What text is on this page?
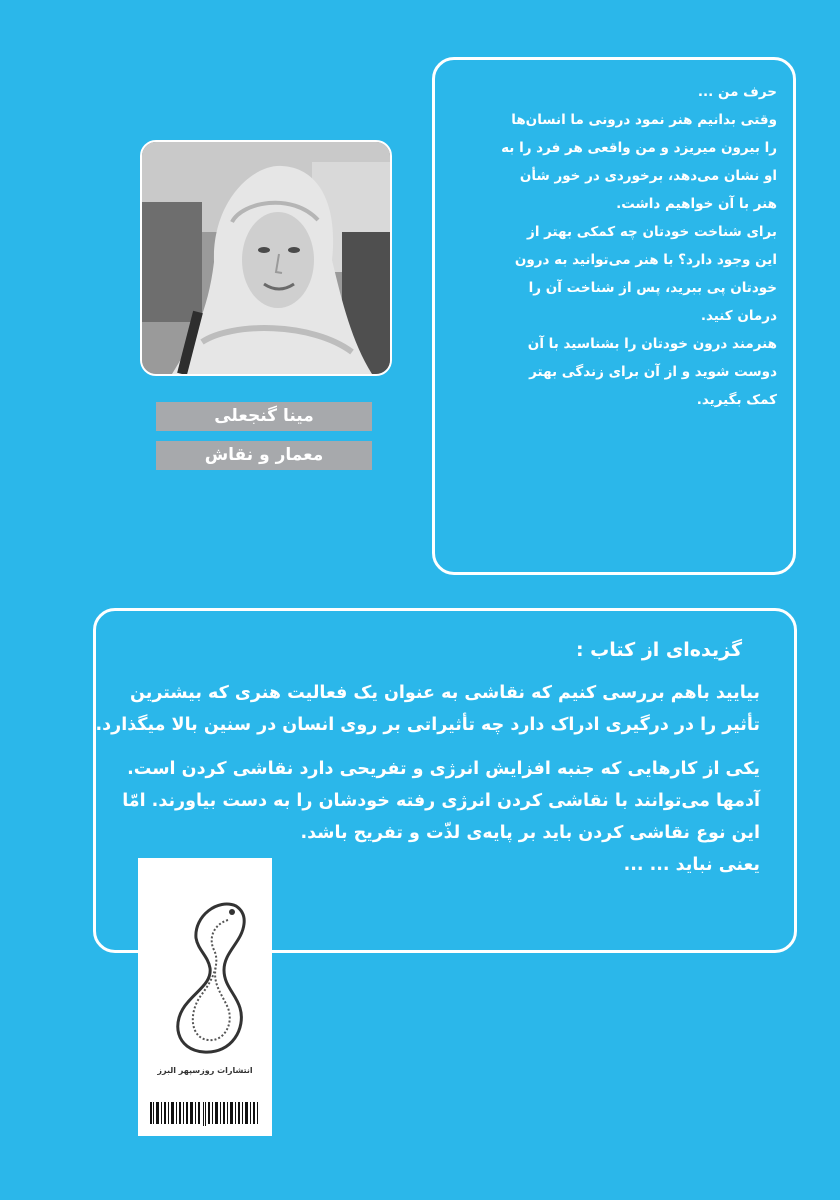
حرف من ...
وقتی بدانیم هنر نمود درونی ما انسان‌ها
را بیرون میریزد و من واقعی هر فرد را به
او نشان می‌دهد، برخوردی در خور شأن
هنر با آن خواهیم داشت.
برای شناخت خودتان چه کمکی بهتر از
این وجود دارد؟ با هنر می‌توانید به درون
خودتان پی ببرید، پس از شناخت آن را
درمان کنید.
هنرمند درون خودتان را بشناسید با آن
دوست شوید و از آن برای زندگی بهتر
کمک بگیرید.
مینا گنجعلی
معمار و نقاش
گزیده‌ای از کتاب :
بیایید باهم بررسی کنیم که نقاشی به عنوان یک فعالیت هنری که بیشترین
تأثیر را در درگیری ادراک دارد چه تأثیراتی بر روی انسان در سنین بالا میگذارد.
یکی از کارهایی که جنبه افزایش انرژی و تفریحی دارد نقاشی کردن است.
آدمها می‌توانند با نقاشی کردن انرژی رفته خودشان را به دست بیاورند. امّا
این نوع نقاشی کردن باید بر پایه‌ی لذّت و تفریح باشد.
یعنی نباید ... ...
انتشارات روزسپهر البرز
